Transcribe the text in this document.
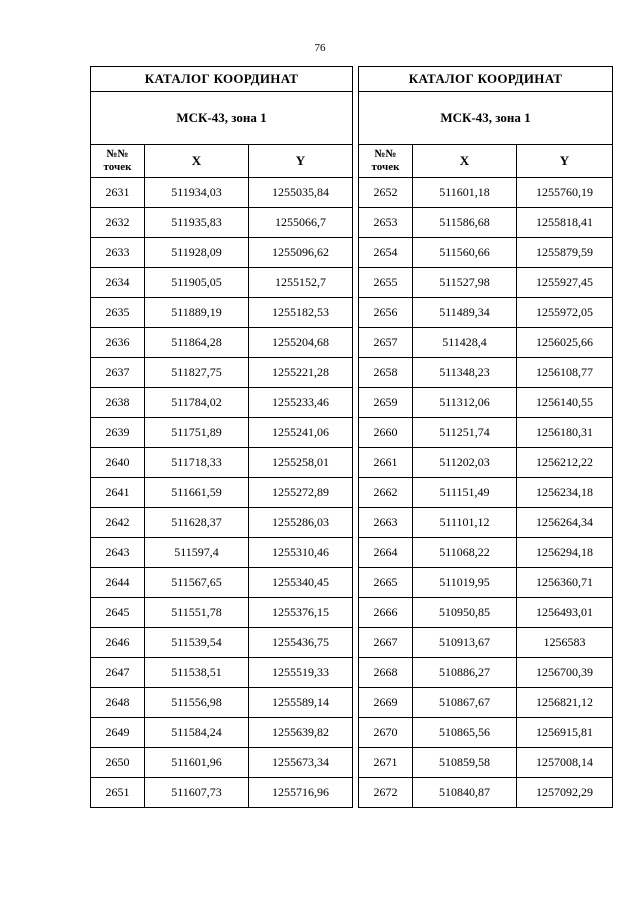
76
КАТАЛОГ КООРДИНАТ		
МСК-43, зона 1		
№№
точек	X	Y
2631	511934,03	1255035,84
2632	511935,83	1255066,7
2633	511928,09	1255096,62
2634	511905,05	1255152,7
2635	511889,19	1255182,53
2636	511864,28	1255204,68
2637	511827,75	1255221,28
2638	511784,02	1255233,46
2639	511751,89	1255241,06
2640	511718,33	1255258,01
2641	511661,59	1255272,89
2642	511628,37	1255286,03
2643	511597,4	1255310,46
2644	511567,65	1255340,45
2645	511551,78	1255376,15
2646	511539,54	1255436,75
2647	511538,51	1255519,33
2648	511556,98	1255589,14
2649	511584,24	1255639,82
2650	511601,96	1255673,34
2651	511607,73	1255716,96
КАТАЛОГ КООРДИНАТ		
МСК-43, зона 1		
№№
точек	X	Y
2652	511601,18	1255760,19
2653	511586,68	1255818,41
2654	511560,66	1255879,59
2655	511527,98	1255927,45
2656	511489,34	1255972,05
2657	511428,4	1256025,66
2658	511348,23	1256108,77
2659	511312,06	1256140,55
2660	511251,74	1256180,31
2661	511202,03	1256212,22
2662	511151,49	1256234,18
2663	511101,12	1256264,34
2664	511068,22	1256294,18
2665	511019,95	1256360,71
2666	510950,85	1256493,01
2667	510913,67	1256583
2668	510886,27	1256700,39
2669	510867,67	1256821,12
2670	510865,56	1256915,81
2671	510859,58	1257008,14
2672	510840,87	1257092,29
